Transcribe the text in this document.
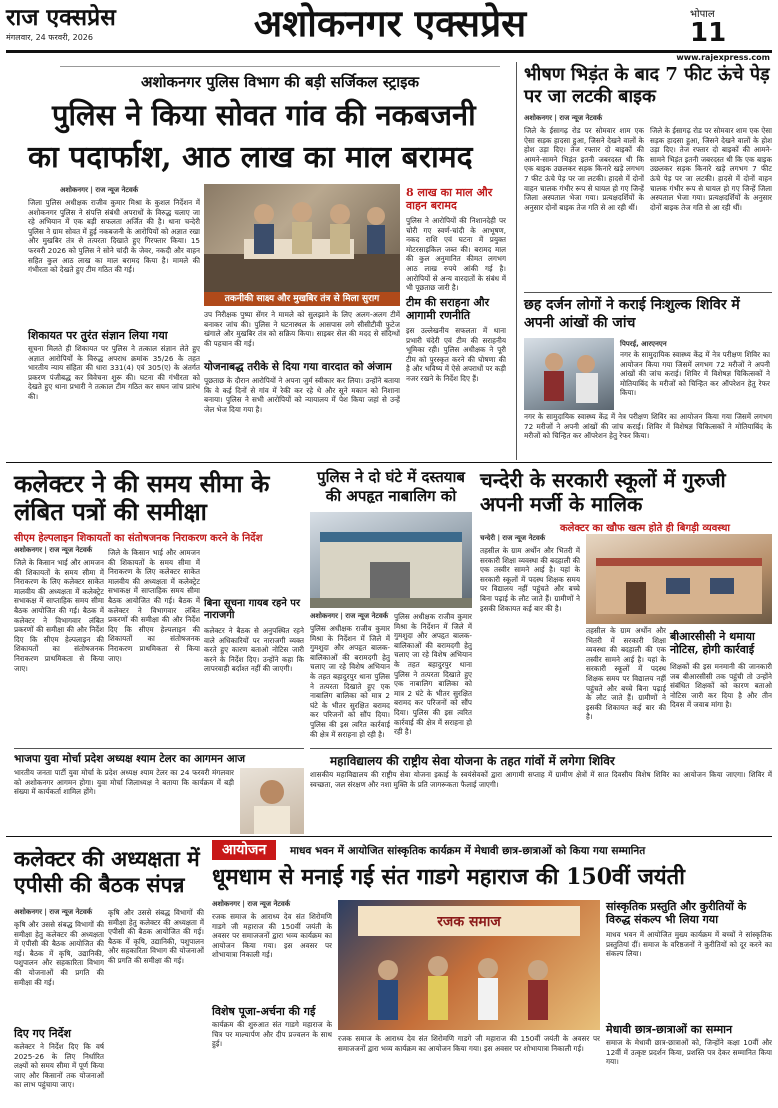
राज एक्सप्रेस
मंगलवार, 24 फरवरी, 2026	अशोकनगर एक्सप्रेस	भोपाल
11
www.rajexpress.com
अशोकनगर पुलिस विभाग की बड़ी सर्जिकल स्ट्राइक
पुलिस ने किया सोवत गांव की नकबजनी
का पदार्फाश, आठ लाख का माल बरामद
अशोकनगर | राज न्यूज नेटवर्क
जिला पुलिस अधीक्षक राजीव कुमार मिश्रा के कुशल निर्देशन में अशोकनगर पुलिस ने संपत्ति संबंधी अपराधों के विरुद्ध चलाए जा रहे अभियान में एक बड़ी सफलता अर्जित की है। थाना चन्देरी पुलिस ने ग्राम सोवत में हुई नकबजनी के आरोपियों को अज्ञात रखा और मुखबिर तंत्र से तत्परता दिखाते हुए गिरफ्तार किया। 15 फरवरी 2026 को पुलिस ने सोने चांदी के जेवर, नकदी और वाहन सहित कुल आठ लाख का माल बरामद किया है। मामले की गंभीरता को देखते हुए टीम गठित की गई।
शिकायत पर तुरंत संज्ञान लिया गया
सूचना मिलते ही शिकायत पर पुलिस ने तत्काल संज्ञान लेते हुए अज्ञात आरोपियों के विरुद्ध अपराध क्रमांक 35/26 के तहत भारतीय न्याय संहिता की धारा 331(4) एवं 305(ए) के अंतर्गत प्रकरण पंजीबद्ध कर विवेचना शुरू की। घटना की गंभीरता को देखते हुए थाना प्रभारी ने तत्काल टीम गठित कर सघन जांच प्रारंभ की।
तकनीकी साक्ष्य और मुखबिर तंत्र से मिला सुराग
8 लाख का माल और वाहन बरामद
पुलिस ने आरोपियों की निशानदेही पर चोरी गए स्वर्ण-चांदी के आभूषण, नकद राशि एवं घटना में प्रयुक्त मोटरसाइकिल जब्त की। बरामद माल की कुल अनुमानित कीमत लगभग आठ लाख रुपये आंकी गई है। आरोपियों से अन्य वारदातों के संबंध में भी पूछताछ जारी है।
उप निरीक्षक पुष्पा सेंगर ने मामले को सुलझाने के लिए अलग-अलग टीमें बनाकर जांच की। पुलिस ने घटनास्थल के आसपास लगे सीसीटीवी फुटेज खंगाले और मुखबिर तंत्र को सक्रिय किया। साइबर सेल की मदद से संदिग्धों की पहचान की गई।
योजनाबद्ध तरीके से दिया गया वारदात को अंजाम
पूछताछ के दौरान आरोपियों ने अपना जुर्म स्वीकार कर लिया। उन्होंने बताया कि वे कई दिनों से गांव में रेकी कर रहे थे और सूने मकान को निशाना बनाया। पुलिस ने सभी आरोपियों को न्यायालय में पेश किया जहां से उन्हें जेल भेज दिया गया है।
टीम की सराहना और आगामी रणनीति
इस उल्लेखनीय सफलता में थाना प्रभारी चंदेरी एवं टीम की सराहनीय भूमिका रही। पुलिस अधीक्षक ने पूरी टीम को पुरस्कृत करने की घोषणा की है और भविष्य में ऐसे अपराधों पर कड़ी नजर रखने के निर्देश दिए हैं।
भीषण भिड़ंत के बाद 7 फीट ऊंचे पेड़ पर जा लटकी बाइक
अशोकनगर | राज न्यूज नेटवर्क
जिले के ईसागढ़ रोड पर सोमवार शाम एक ऐसा सड़क हादसा हुआ, जिसने देखने वालों के होश उड़ा दिए। तेज रफ्तार दो बाइकों की आमने-सामने भिड़ंत इतनी जबरदस्त थी कि एक बाइक उछलकर सड़क किनारे खड़े लगभग 7 फीट ऊंचे पेड़ पर जा लटकी। हादसे में दोनों वाहन चालक गंभीर रूप से घायल हो गए जिन्हें जिला अस्पताल भेजा गया। प्रत्यक्षदर्शियों के अनुसार दोनों बाइक तेज गति से आ रही थीं।
जिले के ईसागढ़ रोड पर सोमवार शाम एक ऐसा सड़क हादसा हुआ, जिसने देखने वालों के होश उड़ा दिए। तेज रफ्तार दो बाइकों की आमने-सामने भिड़ंत इतनी जबरदस्त थी कि एक बाइक उछलकर सड़क किनारे खड़े लगभग 7 फीट ऊंचे पेड़ पर जा लटकी। हादसे में दोनों वाहन चालक गंभीर रूप से घायल हो गए जिन्हें जिला अस्पताल भेजा गया। प्रत्यक्षदर्शियों के अनुसार दोनों बाइक तेज गति से आ रही थीं।
छह दर्जन लोगों ने कराई निःशुल्क शिविर में अपनी आंखों की जांच
पिपरई, आरएनएन
नगर के सामुदायिक स्वास्थ्य केंद्र में नेत्र परीक्षण शिविर का आयोजन किया गया जिसमें लगभग 72 मरीजों ने अपनी आंखों की जांच कराई। शिविर में विशेषज्ञ चिकित्सकों ने मोतियाबिंद के मरीजों को चिन्हित कर ऑपरेशन हेतु रेफर किया।
नगर के सामुदायिक स्वास्थ्य केंद्र में नेत्र परीक्षण शिविर का आयोजन किया गया जिसमें लगभग 72 मरीजों ने अपनी आंखों की जांच कराई। शिविर में विशेषज्ञ चिकित्सकों ने मोतियाबिंद के मरीजों को चिन्हित कर ऑपरेशन हेतु रेफर किया।
कलेक्टर ने की समय सीमा के लंबित पत्रों की समीक्षा
सीएम हेल्पलाइन शिकायतों का संतोषजनक निराकरण करने के निर्देश
अशोकनगर | राज न्यूज नेटवर्क
जिले के किसान भाई और आमजन की शिकायतों के समय सीमा में निराकरण के लिए कलेक्टर साकेत मालवीय की अध्यक्षता में कलेक्ट्रेट सभाकक्ष में साप्ताहिक समय सीमा बैठक आयोजित की गई। बैठक में कलेक्टर ने विभागवार लंबित प्रकरणों की समीक्षा की और निर्देश दिए कि सीएम हेल्पलाइन की शिकायतों का संतोषजनक निराकरण प्राथमिकता से किया जाए।
जिले के किसान भाई और आमजन की शिकायतों के समय सीमा में निराकरण के लिए कलेक्टर साकेत मालवीय की अध्यक्षता में कलेक्ट्रेट सभाकक्ष में साप्ताहिक समय सीमा बैठक आयोजित की गई। बैठक में कलेक्टर ने विभागवार लंबित प्रकरणों की समीक्षा की और निर्देश दिए कि सीएम हेल्पलाइन की शिकायतों का संतोषजनक निराकरण प्राथमिकता से किया जाए।
बिना सूचना गायब रहने पर नाराजगी
कलेक्टर ने बैठक से अनुपस्थित रहने वाले अधिकारियों पर नाराजगी व्यक्त करते हुए कारण बताओ नोटिस जारी करने के निर्देश दिए। उन्होंने कहा कि लापरवाही बर्दाश्त नहीं की जाएगी।
पुलिस ने दो घंटे में दस्तयाब की अपहृत नाबालिग को
अशोकनगर | राज न्यूज नेटवर्क
पुलिस अधीक्षक राजीव कुमार मिश्रा के निर्देशन में जिले में गुमशुदा और अपहृत बालक-बालिकाओं की बरामदगी हेतु चलाए जा रहे विशेष अभियान के तहत बहादुरपुर थाना पुलिस ने तत्परता दिखाते हुए एक नाबालिग बालिका को मात्र 2 घंटे के भीतर सुरक्षित बरामद कर परिजनों को सौंप दिया। पुलिस की इस त्वरित कार्रवाई की क्षेत्र में सराहना हो रही है।
पुलिस अधीक्षक राजीव कुमार मिश्रा के निर्देशन में जिले में गुमशुदा और अपहृत बालक-बालिकाओं की बरामदगी हेतु चलाए जा रहे विशेष अभियान के तहत बहादुरपुर थाना पुलिस ने तत्परता दिखाते हुए एक नाबालिग बालिका को मात्र 2 घंटे के भीतर सुरक्षित बरामद कर परिजनों को सौंप दिया। पुलिस की इस त्वरित कार्रवाई की क्षेत्र में सराहना हो रही है।
चन्देरी के सरकारी स्कूलों में गुरुजी अपनी मर्जी के मालिक
कलेक्टर का खौफ खत्म होते ही बिगड़ी व्यवस्था
चन्देरी | राज न्यूज नेटवर्क
तहसील के ग्राम अर्थोन और भितरी में सरकारी शिक्षा व्यवस्था की बदहाली की एक तस्वीर सामने आई है। यहां के सरकारी स्कूलों में पदस्थ शिक्षक समय पर विद्यालय नहीं पहुंचते और बच्चे बिना पढ़ाई के लौट जाते हैं। ग्रामीणों ने इसकी शिकायत कई बार की है।
तहसील के ग्राम अर्थोन और भितरी में सरकारी शिक्षा व्यवस्था की बदहाली की एक तस्वीर सामने आई है। यहां के सरकारी स्कूलों में पदस्थ शिक्षक समय पर विद्यालय नहीं पहुंचते और बच्चे बिना पढ़ाई के लौट जाते हैं। ग्रामीणों ने इसकी शिकायत कई बार की है।
बीआरसीसी ने थमाया नोटिस, होगी कार्रवाई
शिक्षकों की इस मनमानी की जानकारी जब बीआरसीसी तक पहुंची तो उन्होंने संबंधित शिक्षकों को कारण बताओ नोटिस जारी कर दिया है और तीन दिवस में जवाब मांगा है।
भाजपा युवा मोर्चा प्रदेश अध्यक्ष श्याम टेलर का आगमन आज
भारतीय जनता पार्टी युवा मोर्चा के प्रदेश अध्यक्ष श्याम टेलर का 24 फरवरी मंगलवार को अशोकनगर आगमन होगा। युवा मोर्चा जिलाध्यक्ष ने बताया कि कार्यक्रम में बड़ी संख्या में कार्यकर्ता शामिल होंगे।
महाविद्यालय की राष्ट्रीय सेवा योजना के तहत गांवों में लगेगा शिविर
शासकीय महाविद्यालय की राष्ट्रीय सेवा योजना इकाई के स्वयंसेवकों द्वारा आगामी सप्ताह में ग्रामीण क्षेत्रों में सात दिवसीय विशेष शिविर का आयोजन किया जाएगा। शिविर में स्वच्छता, जल संरक्षण और नशा मुक्ति के प्रति जागरूकता फैलाई जाएगी।
कलेक्टर की अध्यक्षता में एपीसी की बैठक संपन्न
अशोकनगर | राज न्यूज नेटवर्क
कृषि और उससे संबद्ध विभागों की समीक्षा हेतु कलेक्टर की अध्यक्षता में एपीसी की बैठक आयोजित की गई। बैठक में कृषि, उद्यानिकी, पशुपालन और सहकारिता विभाग की योजनाओं की प्रगति की समीक्षा की गई।
दिए गए निर्देश
कलेक्टर ने निर्देश दिए कि वर्ष 2025-26 के लिए निर्धारित लक्ष्यों को समय सीमा में पूर्ण किया जाए और किसानों तक योजनाओं का लाभ पहुंचाया जाए।
कृषि और उससे संबद्ध विभागों की समीक्षा हेतु कलेक्टर की अध्यक्षता में एपीसी की बैठक आयोजित की गई। बैठक में कृषि, उद्यानिकी, पशुपालन और सहकारिता विभाग की योजनाओं की प्रगति की समीक्षा की गई।
आयोजन	माधव भवन में आयोजित सांस्कृतिक कार्यक्रम में मेधावी छात्र-छात्राओं को किया गया सम्मानित
धूमधाम से मनाई गई संत गाडगे महाराज की 150वीं जयंती
अशोकनगर | राज न्यूज नेटवर्क
रजक समाज के आराध्य देव संत शिरोमणि गाडगे जी महाराज की 150वीं जयंती के अवसर पर समाजजनों द्वारा भव्य कार्यक्रम का आयोजन किया गया। इस अवसर पर शोभायात्रा निकाली गई।
विशेष पूजा-अर्चना की गई
कार्यक्रम की शुरुआत संत गाडगे महाराज के चित्र पर माल्यार्पण और दीप प्रज्वलन के साथ हुई।
रजक समाज
रजक समाज के आराध्य देव संत शिरोमणि गाडगे जी महाराज की 150वीं जयंती के अवसर पर समाजजनों द्वारा भव्य कार्यक्रम का आयोजन किया गया। इस अवसर पर शोभायात्रा निकाली गई।
सांस्कृतिक प्रस्तुति और कुरीतियों के विरुद्ध संकल्प भी लिया गया
माधव भवन में आयोजित मुख्य कार्यक्रम में बच्चों ने सांस्कृतिक प्रस्तुतियां दीं। समाज के वरिष्ठजनों ने कुरीतियों को दूर करने का संकल्प लिया।
मेधावी छात्र-छात्राओं का सम्मान
समाज के मेधावी छात्र-छात्राओं को, जिन्होंने कक्षा 10वीं और 12वीं में उत्कृष्ट प्रदर्शन किया, प्रशस्ति पत्र देकर सम्मानित किया गया।
